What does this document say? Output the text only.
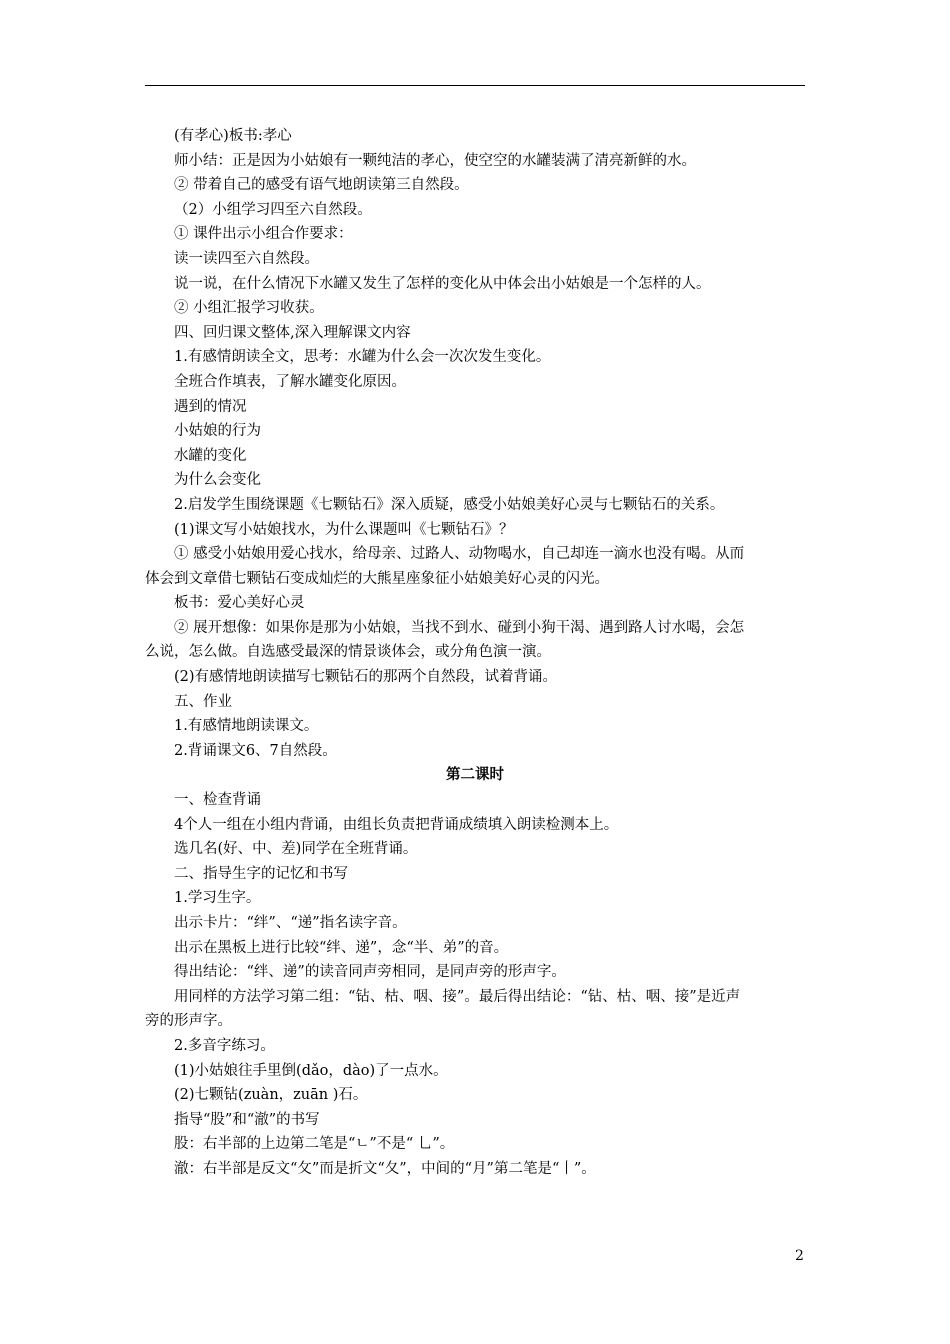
(有孝心)板书:孝心
师小结：正是因为小姑娘有一颗纯洁的孝心，使空空的水罐装满了清亮新鲜的水。
② 带着自己的感受有语气地朗读第三自然段。
（2）小组学习四至六自然段。
① 课件出示小组合作要求：
读一读四至六自然段。
说一说，在什么情况下水罐又发生了怎样的变化从中体会出小姑娘是一个怎样的人。
② 小组汇报学习收获。
四、回归课文整体,深入理解课文内容
1.有感情朗读全文，思考：水罐为什么会一次次发生变化。
全班合作填表，了解水罐变化原因。
遇到的情况
小姑娘的行为
水罐的变化
为什么会变化
2.启发学生围绕课题《七颗钻石》深入质疑，感受小姑娘美好心灵与七颗钻石的关系。
(1)课文写小姑娘找水，为什么课题叫《七颗钻石》？
① 感受小姑娘用爱心找水，给母亲、过路人、动物喝水，自己却连一滴水也没有喝。从而
体会到文章借七颗钻石变成灿烂的大熊星座象征小姑娘美好心灵的闪光。
板书：爱心美好心灵
② 展开想像：如果你是那为小姑娘，当找不到水、碰到小狗干渴、遇到路人讨水喝，会怎
么说，怎么做。自选感受最深的情景谈体会，或分角色演一演。
(2)有感情地朗读描写七颗钻石的那两个自然段，试着背诵。
五、作业
1.有感情地朗读课文。
2.背诵课文6、7自然段。
第二课时
一、检查背诵
4个人一组在小组内背诵，由组长负责把背诵成绩填入朗读检测本上。
选几名(好、中、差)同学在全班背诵。
二、指导生字的记忆和书写
1.学习生字。
出示卡片：“绊”、“递”指名读字音。
出示在黑板上进行比较“绊、递”，念“半、弟”的音。
得出结论：“绊、递”的读音同声旁相同，是同声旁的形声字。
用同样的方法学习第二组：“钻、枯、咽、接”。最后得出结论：“钻、枯、咽、接”是近声
旁的形声字。
2.多音字练习。
(1)小姑娘往手里倒(dǎo，dào)了一点水。
(2)七颗钻(zuàn，zuān )石。
指导“股”和“澈”的书写
股：右半部的上边第二笔是“ㄴ”不是“ 乚”。
澈：右半部是反文“攵”而是折文“夂”，中间的“月”第二笔是“丨”。
2
